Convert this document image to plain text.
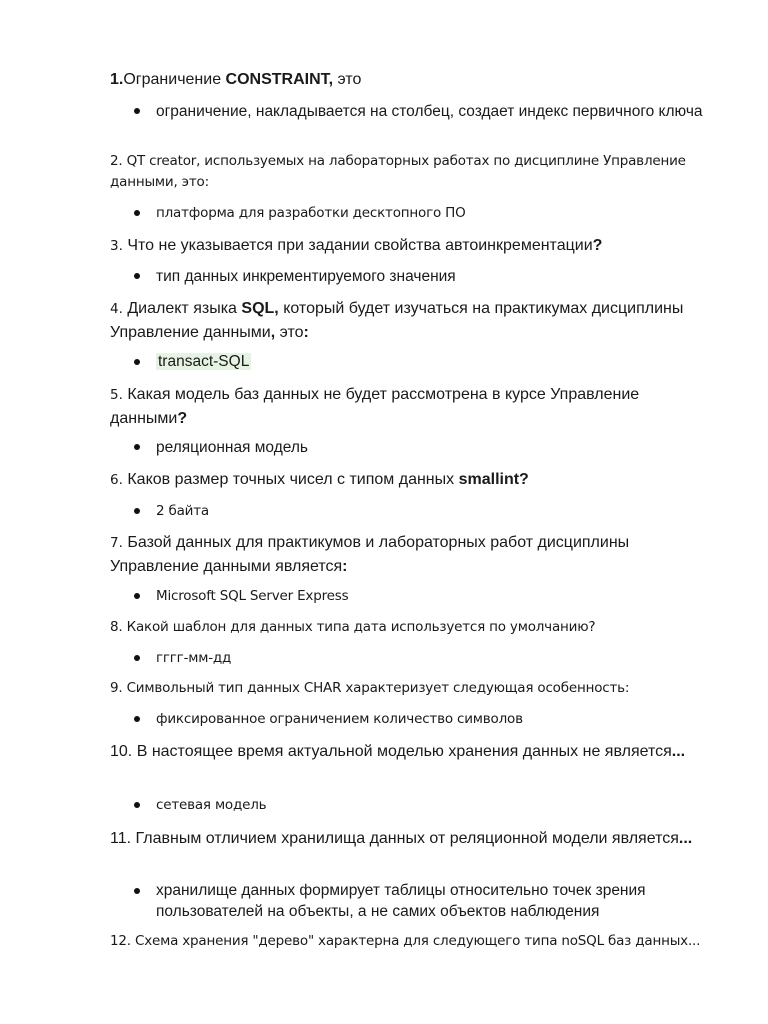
1.Ограничение CONSTRAINT, это

ограничение, накладывается на столбец, создает индекс первичного ключа

2. QT creator, используемых на лабораторных работах по дисциплине Управление данными, это:

платформа для разработки десктопного ПО

3. Что не указывается при задании свойства автоинкрементации?

тип данных инкрементируемого значения

4. Диалект языка SQL, который будет изучаться на практикумах дисциплины Управление данными, это:

transact-SQL

5. Какая модель баз данных не будет рассмотрена в курсе Управление данными?

реляционная модель

6. Каков размер точных чисел с типом данных smallint?

2 байта

7. Базой данных для практикумов и лабораторных работ дисциплины Управление данными является:

Microsoft SQL Server Express

8. Какой шаблон для данных типа дата используется по умолчанию?

гггг-мм-дд

9. Символьный тип данных CHAR характеризует следующая особенность:

фиксированное ограничением количество символов

10. В настоящее время актуальной моделью хранения данных не является...

сетевая модель

11. Главным отличием хранилища данных от реляционной модели является...

хранилище данных формирует таблицы относительно точек зрения пользователей на объекты, а не самих объектов наблюдения

12. Схема хранения "дерево" характерна для следующего типа noSQL баз данных...
